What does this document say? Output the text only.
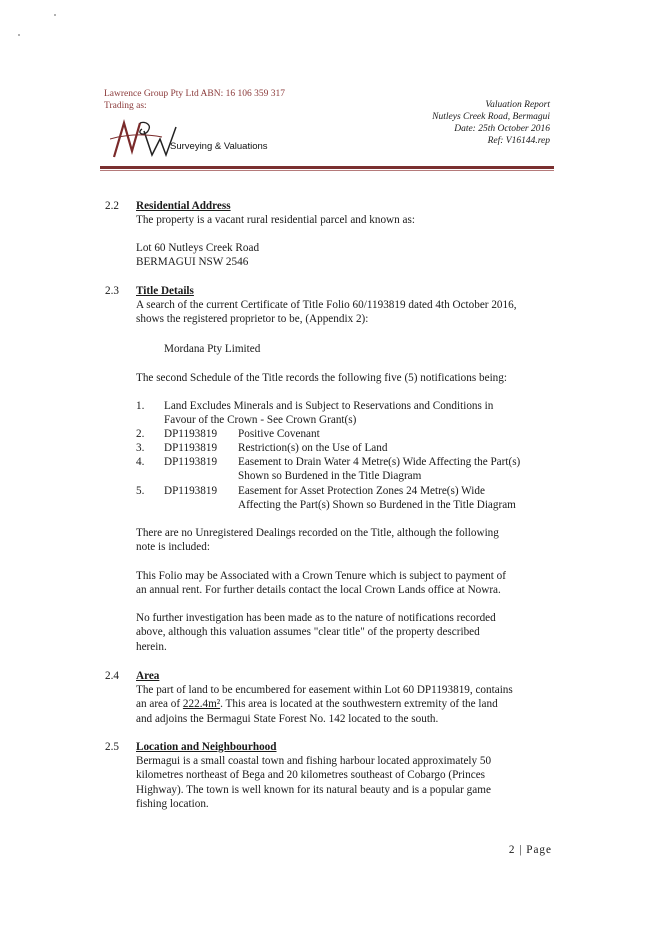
Lawrence Group Pty Ltd ABN: 16 106 359 317
Trading as:
Surveying & Valuations
Valuation Report
Nutleys Creek Road, Bermagui
Date: 25th October 2016
Ref: V16144.rep
2.2 Residential Address
The property is a vacant rural residential parcel and known as:
Lot 60 Nutleys Creek Road
BERMAGUI NSW 2546
2.3 Title Details
A search of the current Certificate of Title Folio 60/1193819 dated 4th October 2016,
shows the registered proprietor to be, (Appendix 2):
Mordana Pty Limited
The second Schedule of the Title records the following five (5) notifications being:
1. Land Excludes Minerals and is Subject to Reservations and Conditions in
Favour of the Crown - See Crown Grant(s)
2. DP1193819 Positive Covenant
3. DP1193819 Restriction(s) on the Use of Land
4. DP1193819 Easement to Drain Water 4 Metre(s) Wide Affecting the Part(s)
Shown so Burdened in the Title Diagram
5. DP1193819 Easement for Asset Protection Zones 24 Metre(s) Wide
Affecting the Part(s) Shown so Burdened in the Title Diagram
There are no Unregistered Dealings recorded on the Title, although the following
note is included:
This Folio may be Associated with a Crown Tenure which is subject to payment of
an annual rent. For further details contact the local Crown Lands office at Nowra.
No further investigation has been made as to the nature of notifications recorded
above, although this valuation assumes "clear title" of the property described
herein.
2.4 Area
The part of land to be encumbered for easement within Lot 60 DP1193819, contains
an area of 222.4m². This area is located at the southwestern extremity of the land
and adjoins the Bermagui State Forest No. 142 located to the south.
2.5 Location and Neighbourhood
Bermagui is a small coastal town and fishing harbour located approximately 50
kilometres northeast of Bega and 20 kilometres southeast of Cobargo (Princes
Highway). The town is well known for its natural beauty and is a popular game
fishing location.
2 | Page
